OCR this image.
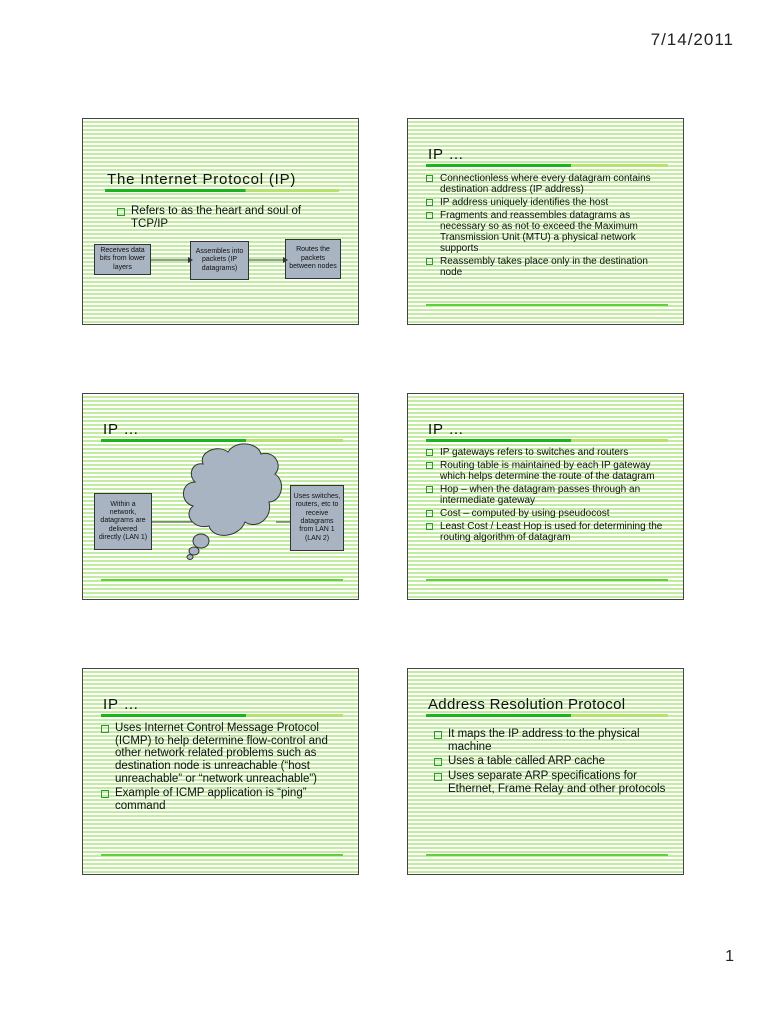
7/14/2011
The Internet Protocol (IP)
Refers to as the heart and soul of TCP/IP
Receives data bits from lower layers
Assembles into packets (IP datagrams)
Routes the packets between nodes
IP …
Connectionless where every datagram contains destination address (IP address)
IP address uniquely identifies the host
Fragments and reassembles datagrams as necessary so as not to exceed the Maximum Transmission Unit (MTU) a physical network supports
Reassembly takes place only in the destination node
IP …
Within a network, datagrams are delivered directly (LAN 1)
Uses switches, routers, etc to receive datagrams from LAN 1 (LAN 2)
IP …
IP gateways refers to switches and routers
Routing table is maintained by each IP gateway which helps determine the route of the datagram
Hop – when the datagram passes through an intermediate gateway
Cost – computed by using pseudocost
Least Cost / Least Hop is used for determining the routing algorithm of datagram
IP …
Uses Internet Control Message Protocol (ICMP) to help determine flow-control and other network related problems such as destination node is unreachable (“host unreachable” or “network unreachable”)
Example of ICMP application is “ping” command
Address Resolution Protocol
It maps the IP address to the physical machine
Uses a table called ARP cache
Uses separate ARP specifications for Ethernet, Frame Relay and other protocols
1
